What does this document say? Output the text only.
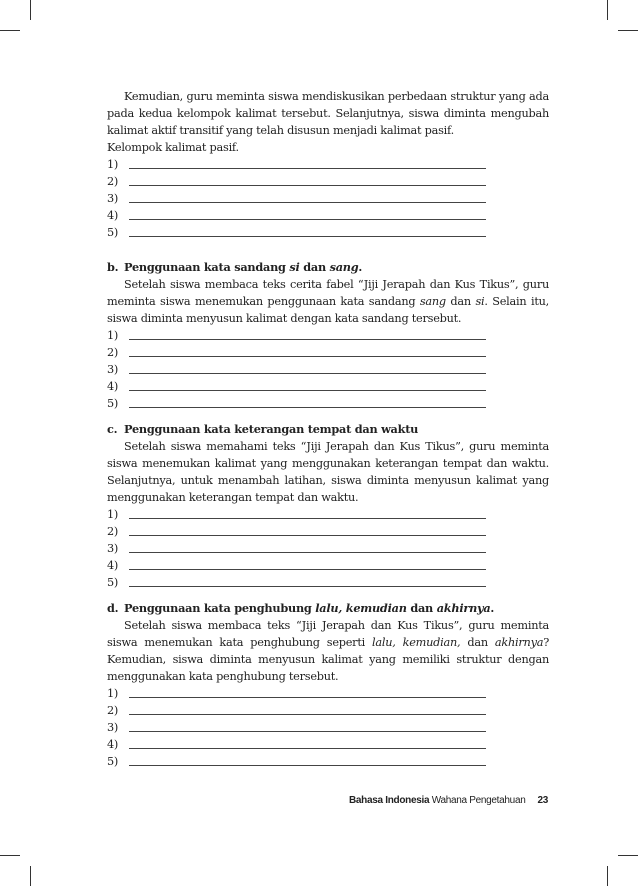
Kemudian, guru meminta siswa mendiskusikan perbedaan struktur yang ada pada kedua kelompok kalimat tersebut. Selanjutnya, siswa diminta mengubah kalimat aktif transitif yang telah disusun menjadi kalimat pasif.

Kelompok kalimat pasif.

1)
2)
3)
4)
5)

b. Penggunaan kata sandang si dan sang.

Setelah siswa membaca teks cerita fabel “Jiji Jerapah dan Kus Tikus”, guru meminta siswa menemukan penggunaan kata sandang sang dan si. Selain itu, siswa diminta menyusun kalimat dengan kata sandang tersebut.

1)
2)
3)
4)
5)

c. Penggunaan kata keterangan tempat dan waktu

Setelah siswa memahami teks “Jiji Jerapah dan Kus Tikus”, guru meminta siswa menemukan kalimat yang menggunakan keterangan tempat dan waktu. Selanjutnya, untuk menambah latihan, siswa diminta menyusun kalimat yang menggunakan keterangan tempat dan waktu.

1)
2)
3)
4)
5)

d. Penggunaan kata penghubung lalu, kemudian dan akhirnya.

Setelah siswa membaca teks “Jiji Jerapah dan Kus Tikus”, guru meminta siswa menemukan kata penghubung seperti lalu, kemudian, dan akhirnya? Kemudian, siswa diminta menyusun kalimat yang memiliki struktur dengan menggunakan kata penghubung tersebut.

1)
2)
3)
4)
5)
Bahasa Indonesia Wahana Pengetahuan 23
